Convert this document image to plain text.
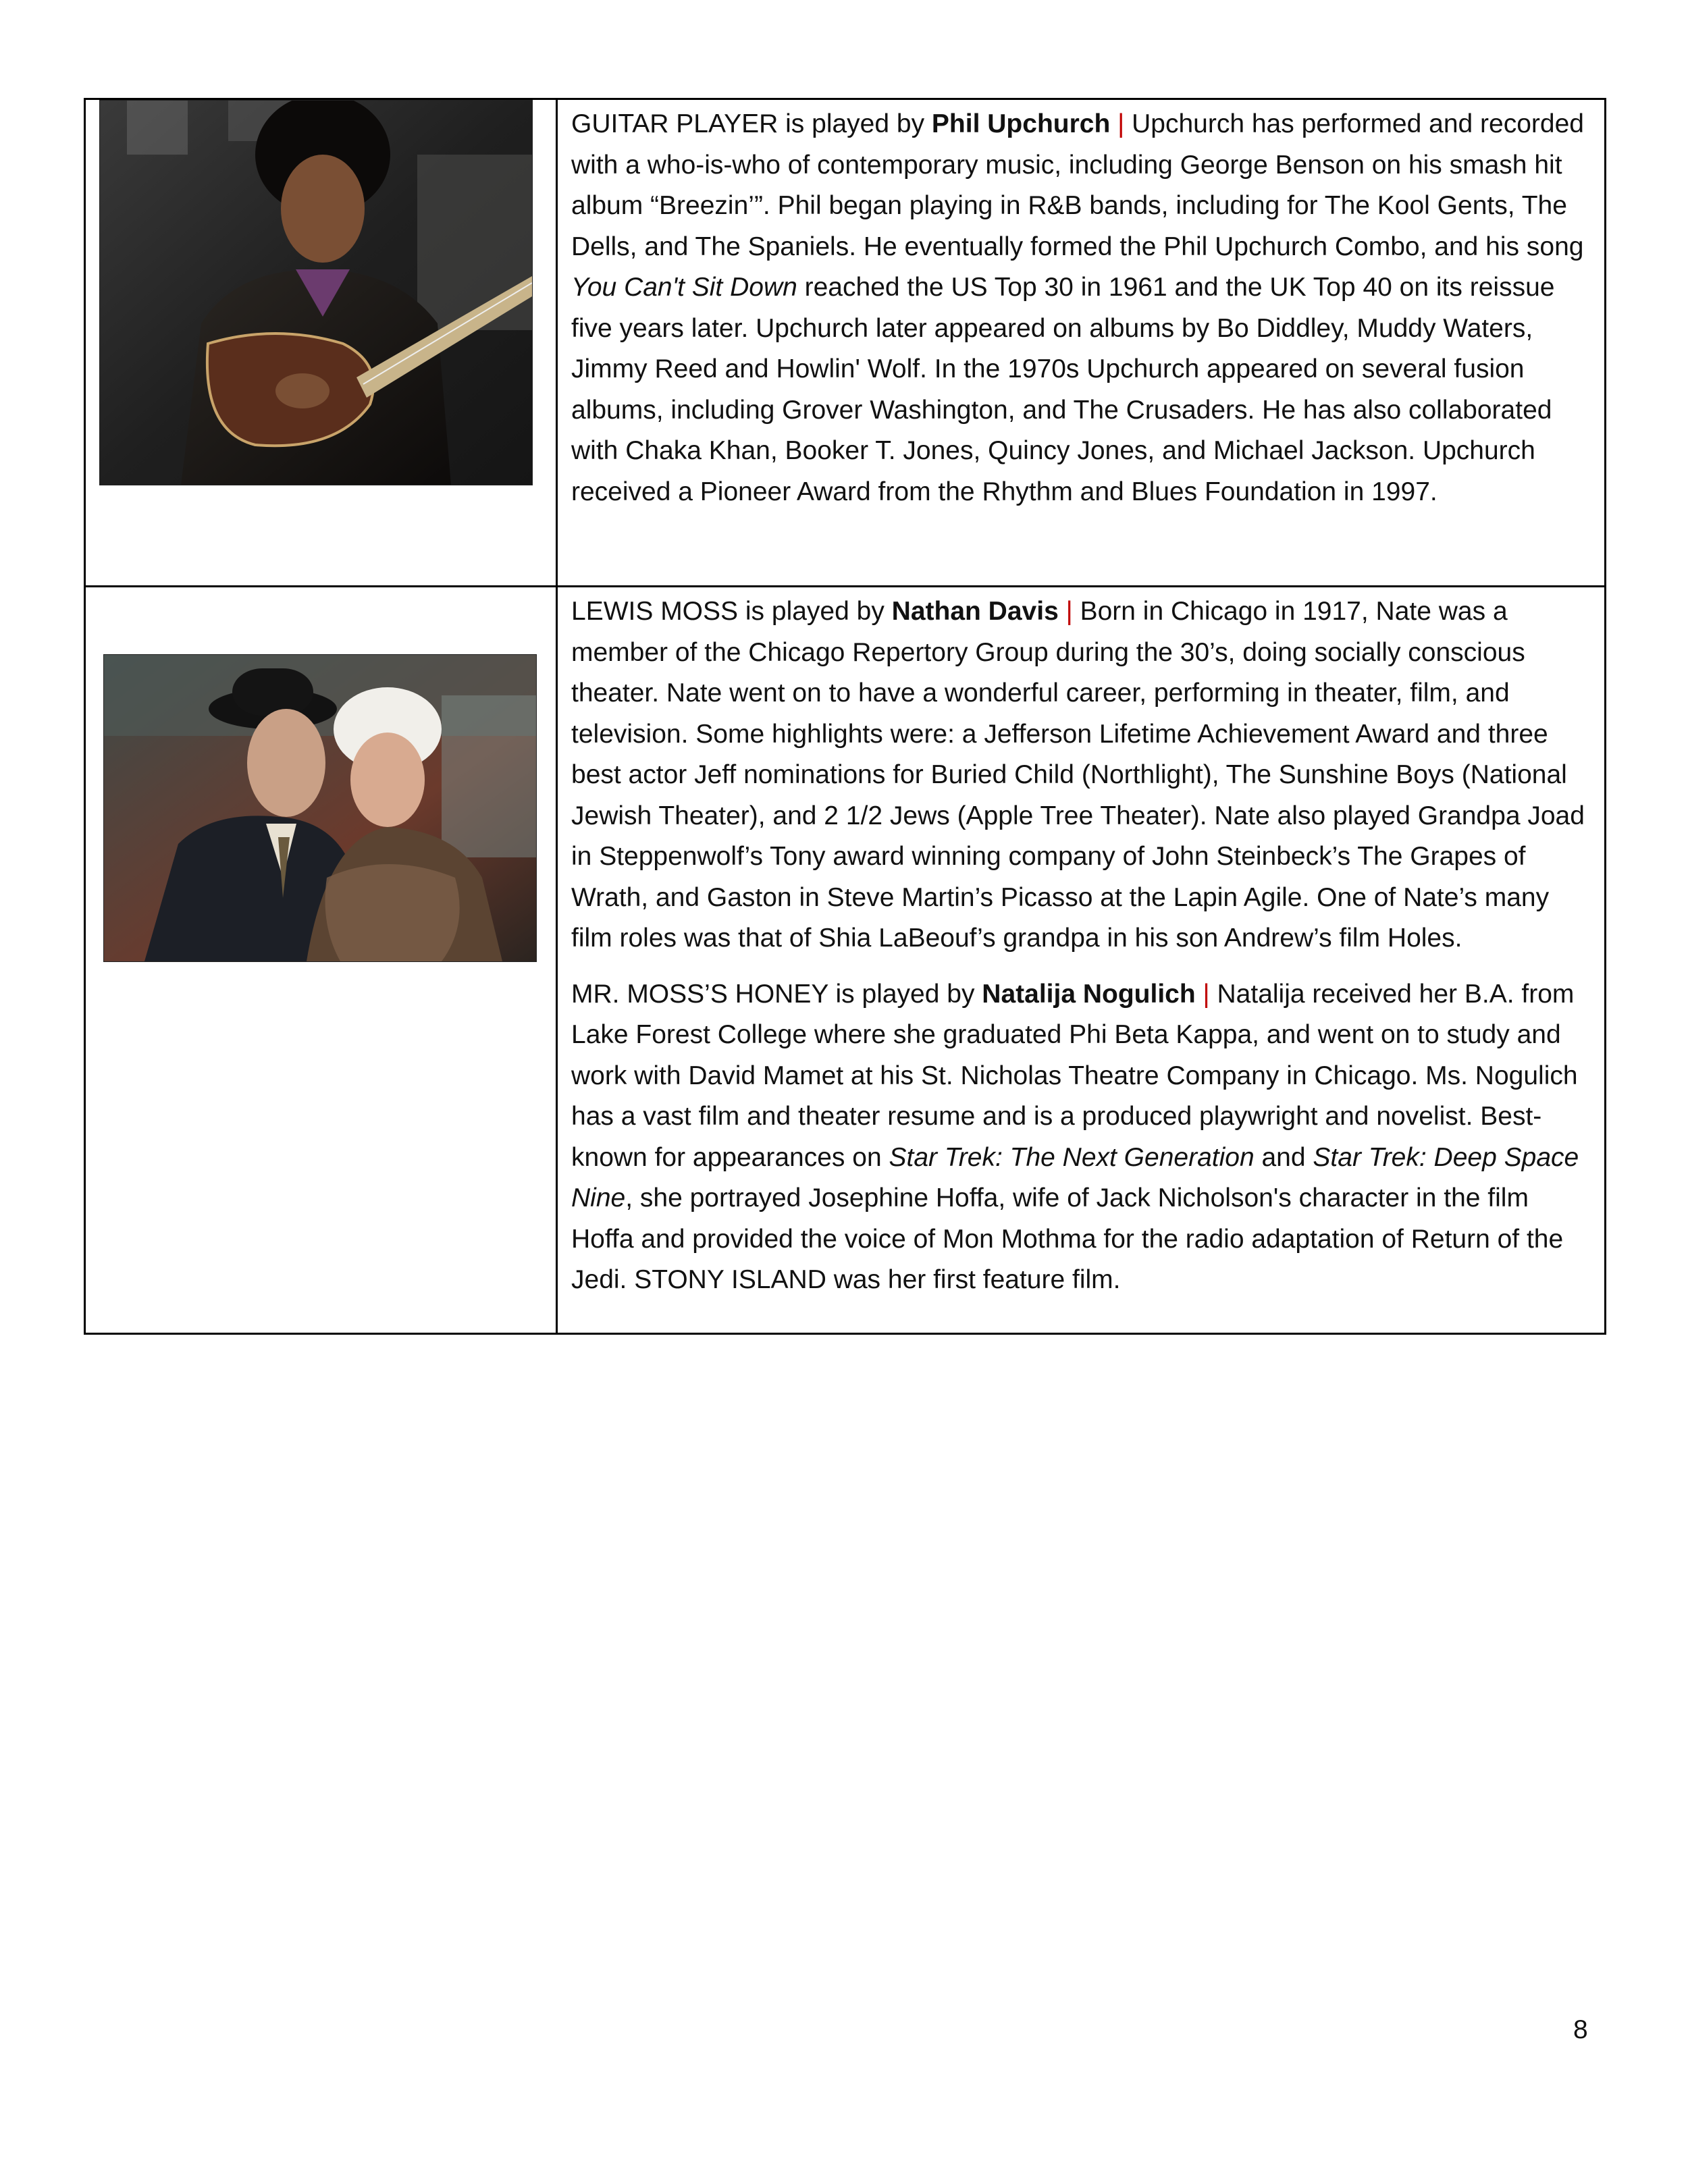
	GUITAR PLAYER is played by Phil Upchurch | Upchurch has performed and recorded with a who-is-who of contemporary music, including George Benson on his smash hit album “Breezin’”. Phil began playing in R&B bands, including for The Kool Gents, The Dells, and The Spaniels. He eventually formed the Phil Upchurch Combo, and his song You Can't Sit Down reached the US Top 30 in 1961 and the UK Top 40 on its reissue five years later. Upchurch later appeared on albums by Bo Diddley, Muddy Waters, Jimmy Reed and Howlin' Wolf. In the 1970s Upchurch appeared on several fusion albums, including Grover Washington, and The Crusaders. He has also collaborated with Chaka Khan, Booker T. Jones, Quincy Jones, and Michael Jackson. Upchurch received a Pioneer Award from the Rhythm and Blues Foundation in 1997.

	LEWIS MOSS is played by Nathan Davis | Born in Chicago in 1917, Nate was a member of the Chicago Repertory Group during the 30’s, doing socially conscious theater. Nate went on to have a wonderful career, performing in theater, film, and television. Some highlights were: a Jefferson Lifetime Achievement Award and three best actor Jeff nominations for Buried Child (Northlight), The Sunshine Boys (National Jewish Theater), and 2 1/2 Jews (Apple Tree Theater). Nate also played Grandpa Joad in Steppenwolf’s Tony award winning company of John Steinbeck’s The Grapes of Wrath, and Gaston in Steve Martin’s Picasso at the Lapin Agile. One of Nate’s many film roles was that of Shia LaBeouf’s grandpa in his son Andrew’s film Holes.

MR. MOSS’S HONEY is played by Natalija Nogulich | Natalija received her B.A. from Lake Forest College where she graduated Phi Beta Kappa, and went on to study and work with David Mamet at his St. Nicholas Theatre Company in Chicago. Ms. Nogulich has a vast film and theater resume and is a produced playwright and novelist. Best-known for appearances on Star Trek: The Next Generation and Star Trek: Deep Space Nine, she portrayed Josephine Hoffa, wife of Jack Nicholson's character in the film Hoffa and provided the voice of Mon Mothma for the radio adaptation of Return of the Jedi. STONY ISLAND was her first feature film.

8
